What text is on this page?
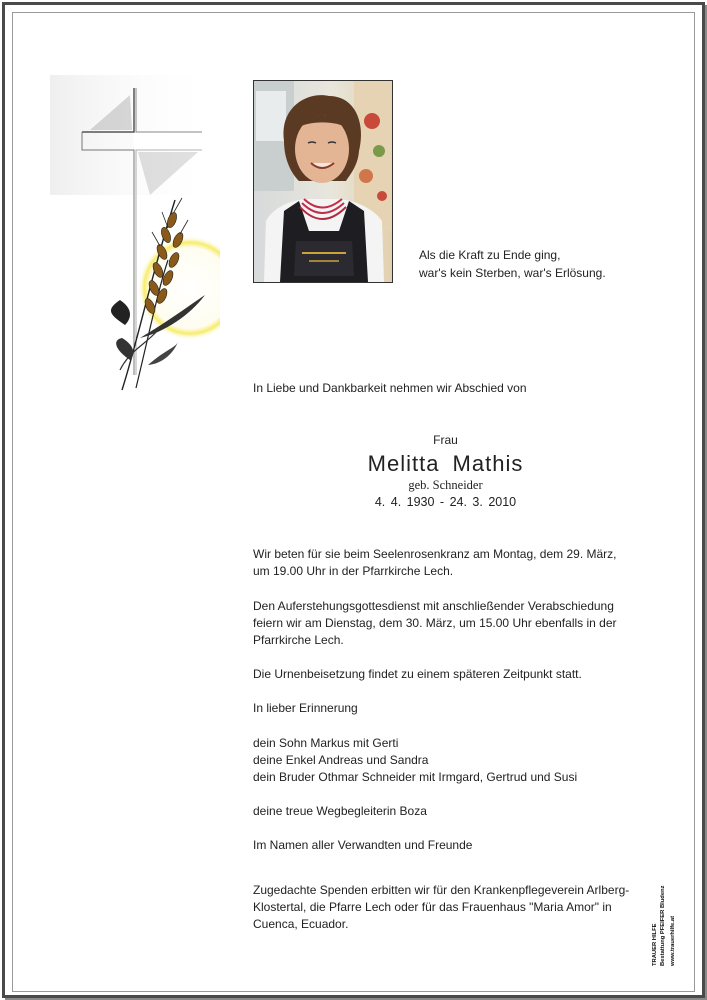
Als die Kraft zu Ende ging,
war's kein Sterben, war's Erlösung.
In Liebe und Dankbarkeit nehmen wir Abschied von
Frau
Melitta Mathis
geb. Schneider
4. 4. 1930 - 24. 3. 2010

Wir beten für sie beim Seelenrosenkranz am Montag, dem 29. März,

um 19.00 Uhr in der Pfarrkirche Lech.

Den Auferstehungsgottesdienst mit anschließender Verabschiedung

feiern wir am Dienstag, dem 30. März, um 15.00 Uhr ebenfalls in der

Pfarrkirche Lech.

Die Urnenbeisetzung findet zu einem späteren Zeitpunkt statt.
In lieber Erinnerung

dein Sohn Markus mit Gerti

deine Enkel Andreas und Sandra

dein Bruder Othmar Schneider mit Irmgard, Gertrud und Susi

deine treue Wegbegleiterin Boza
Im Namen aller Verwandten und Freunde

Zugedachte Spenden erbitten wir für den Krankenpflegeverein Arlberg-

Klostertal, die Pfarre Lech oder für das Frauenhaus "Maria Amor" in

Cuenca, Ecuador.	TRAUER HILFE Bestattung PFEIFER Bludenz www.trauerhilfe.at
